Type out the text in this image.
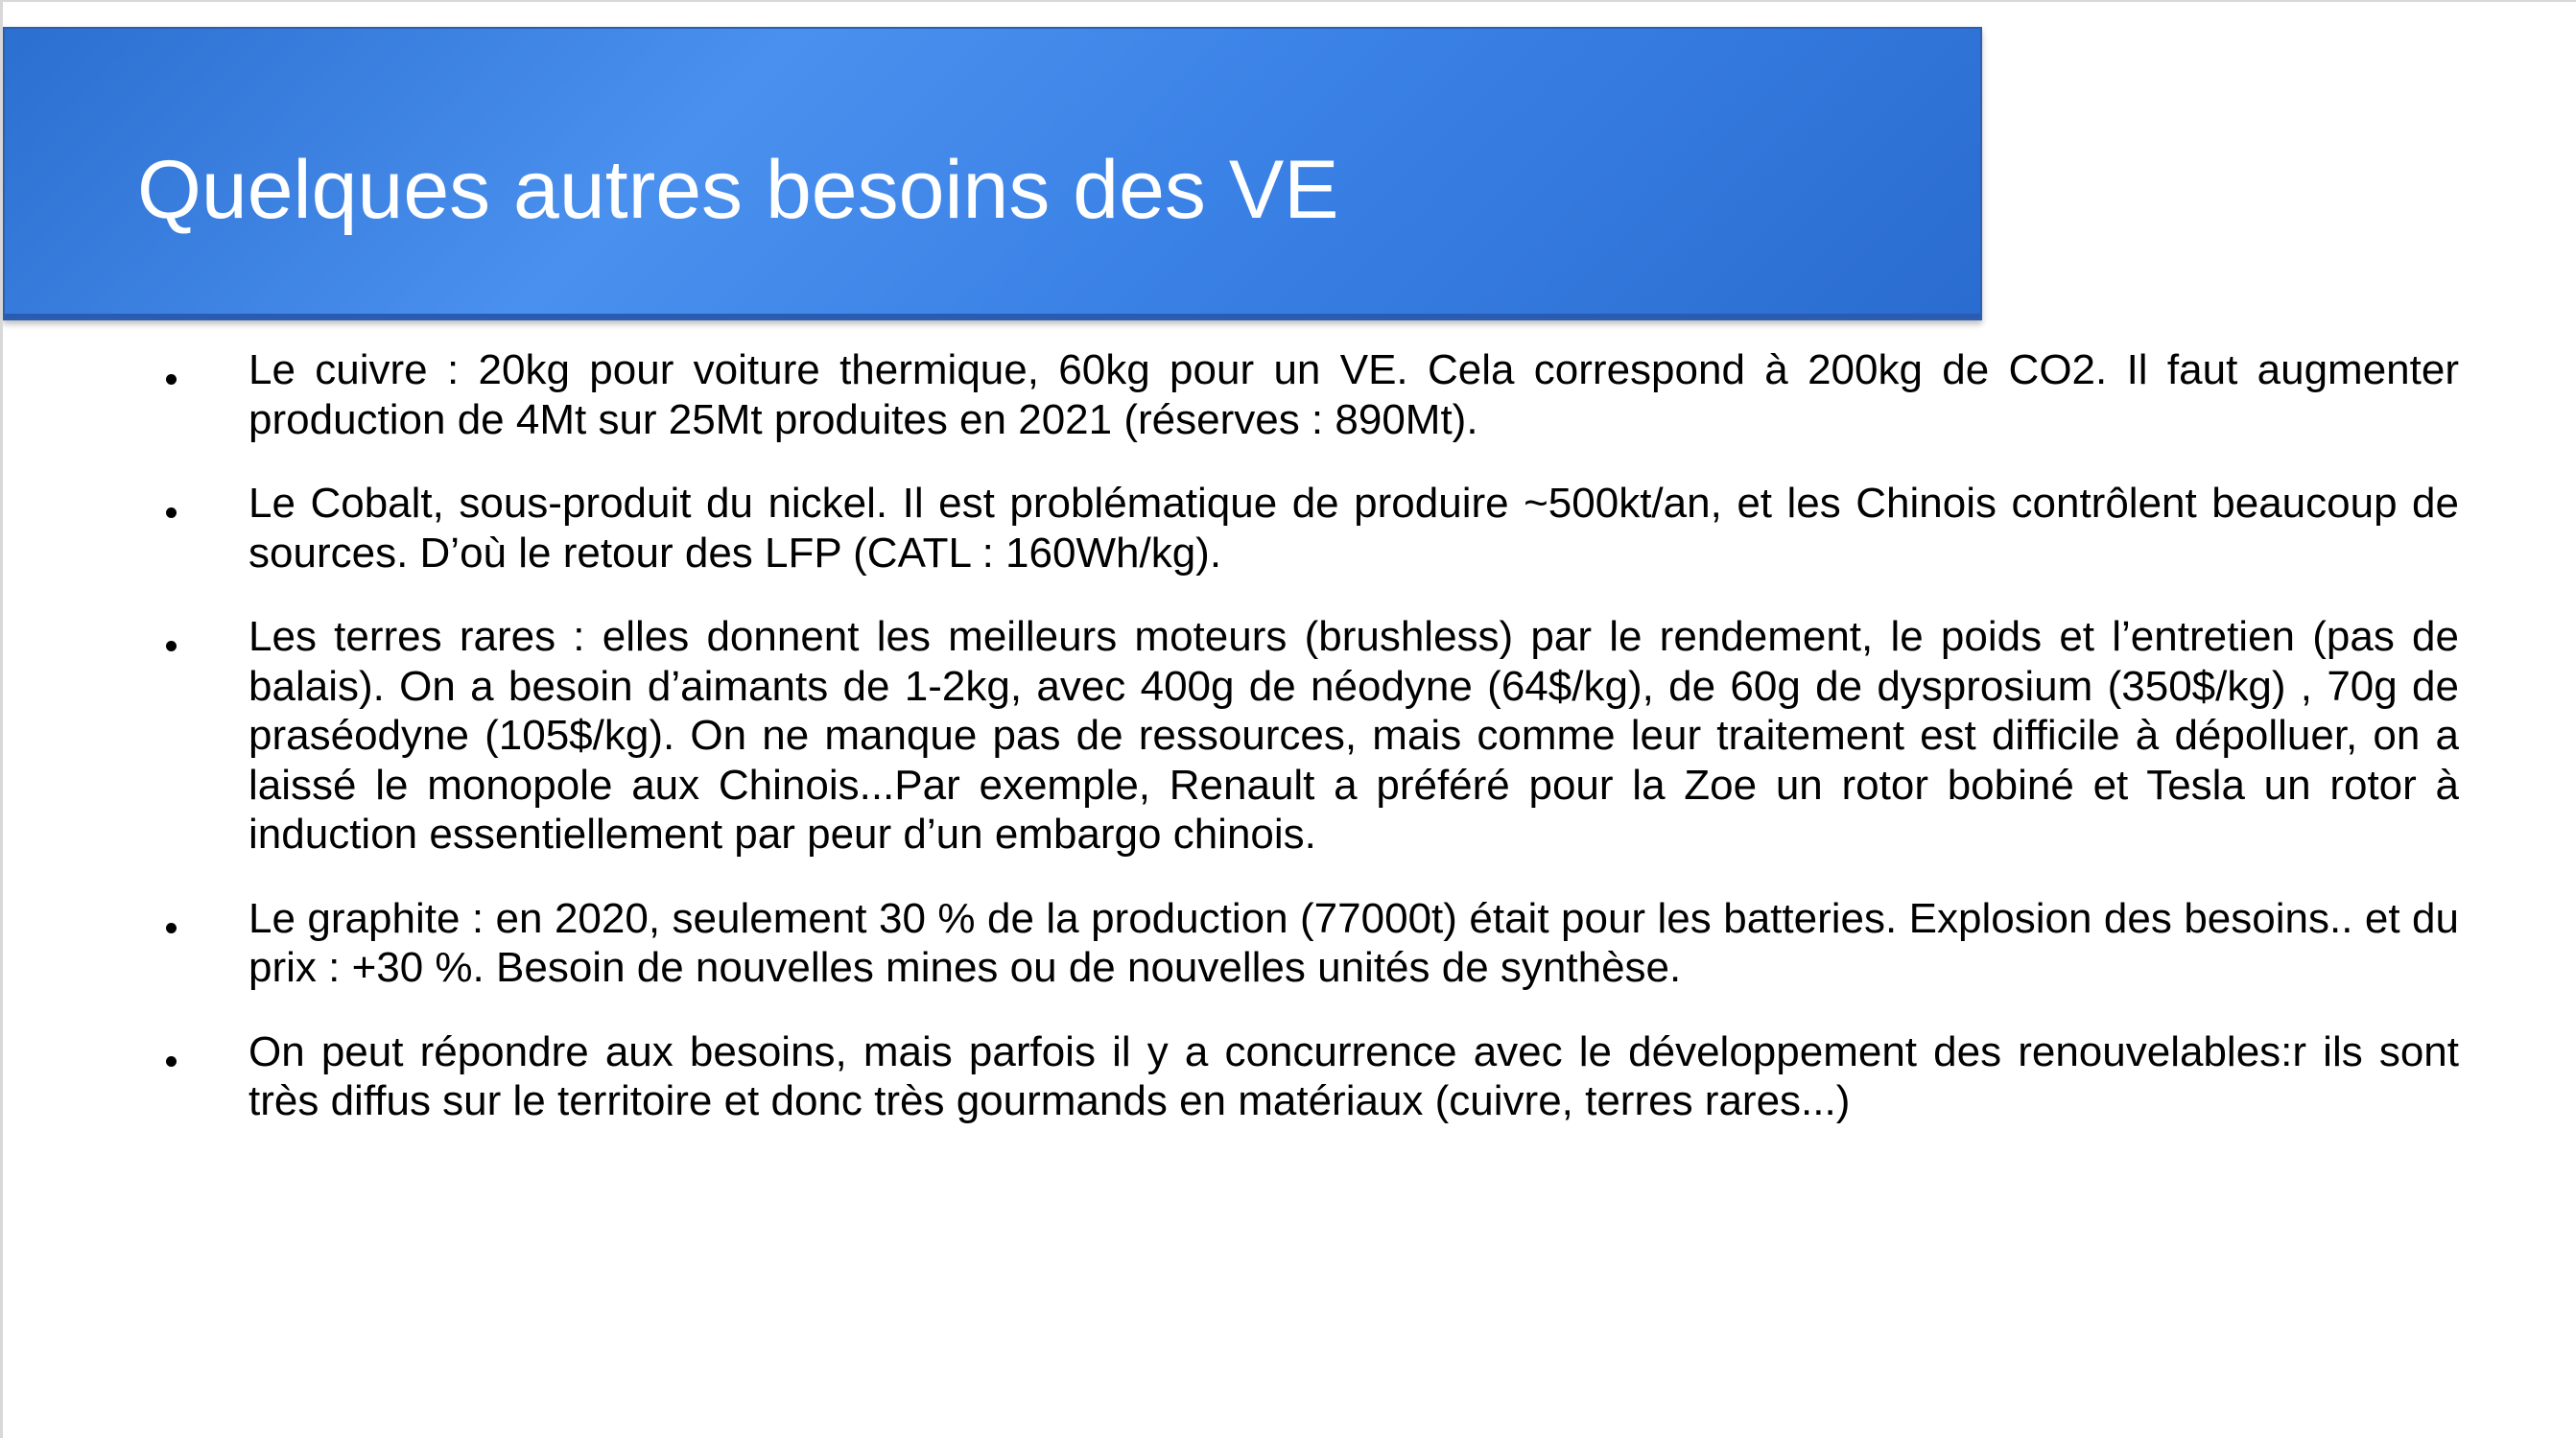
Quelques autres besoins des VE
Le cuivre : 20kg pour voiture thermique, 60kg pour un VE. Cela correspond à 200kg de CO2. Il faut augmenter production de 4Mt sur 25Mt produites en 2021 (réserves : 890Mt).
Le Cobalt, sous-produit du nickel. Il est problématique de produire ~500kt/an, et les Chinois contrôlent beaucoup de sources. D’où le retour des LFP (CATL : 160Wh/kg).
Les terres rares : elles donnent les meilleurs moteurs (brushless) par le rendement, le poids et l’entretien (pas de balais). On a besoin d’aimants de 1-2kg, avec 400g de néodyne (64$/kg), de 60g de dysprosium (350$/kg) , 70g de praséodyne (105$/kg). On ne manque pas de ressources, mais comme leur traitement est difficile à dépolluer, on a laissé le monopole aux Chinois...Par exemple, Renault a préféré pour la Zoe un rotor bobiné et Tesla un rotor à induction essentiellement par peur d’un embargo chinois.
Le graphite : en 2020, seulement 30 % de la production (77000t) était pour les batteries. Explosion des besoins.. et du prix : +30 %. Besoin de nouvelles mines ou de nouvelles unités de synthèse.
On peut répondre aux besoins, mais parfois il y a concurrence avec le développement des renouvelables:r ils sont très diffus sur le territoire et donc très gourmands en matériaux (cuivre, terres rares...)
